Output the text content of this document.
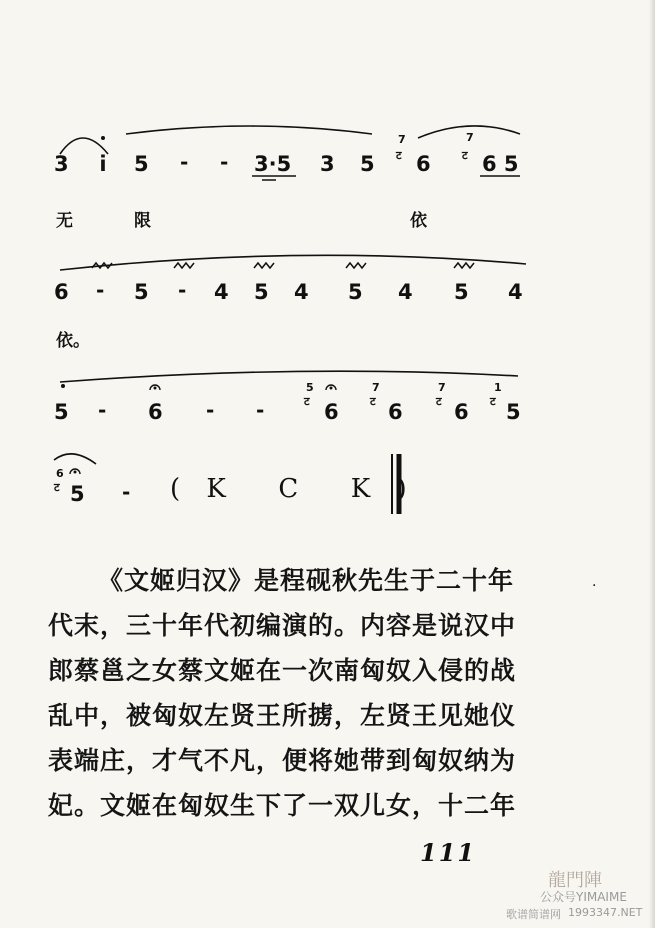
3 i 5 - - 3·5 3 5
7
ट 6
7
ट 6 5
无	限	依
6 - 5 - 4 5 4 5 4 5 4
依。
5 - 6 - -
5
ट 6
7
ट 6
7
ट 6
1
ट 5
6
ट 5 - ( K  C  K )
《文姬归汉》是程砚秋先生于二十年
代末，三十年代初编演的。内容是说汉中
郎蔡邕之女蔡文姬在一次南匈奴入侵的战
乱中，被匈奴左贤王所掳，左贤王见她仪
表端庄，才气不凡，便将她带到匈奴纳为
妃。文姬在匈奴生下了一双儿女，十二年
·
111
龍門陣
公众号YIMAIME
歌谱简谱网 1993347.NET
